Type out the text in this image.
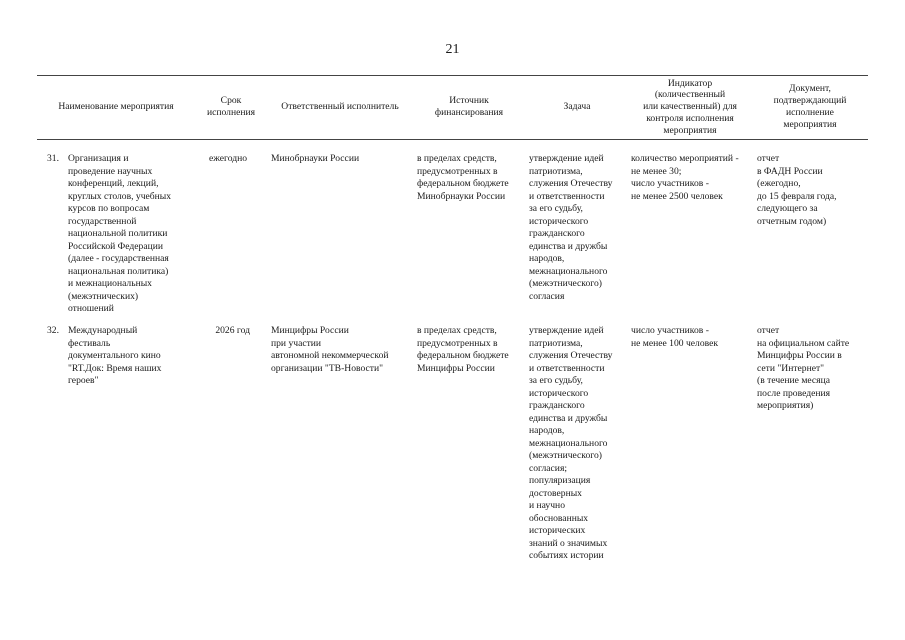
21
Наименование мероприятия
Срок
исполнения
Ответственный исполнитель
Источник
финансирования
Задача
Индикатор
(количественный
или качественный) для
контроля исполнения
мероприятия
Документ,
подтверждающий
исполнение
мероприятия
31. Организация и
проведение научных
конференций, лекций,
круглых столов, учебных
курсов по вопросам
государственной
национальной политики
Российской Федерации
(далее - государственная
национальная политика)
и межнациональных
(межэтнических)
отношений
ежегодно	Минобрнауки России	в пределах средств,
предусмотренных в
федеральном бюджете
Минобрнауки России
утверждение идей
патриотизма,
служения Отечеству
и ответственности
за его судьбу,
исторического
гражданского
единства и дружбы
народов,
межнационального
(межэтнического)
согласия
количество мероприятий -
не менее 30;
число участников -
не менее 2500 человек
отчет
в ФАДН России
(ежегодно,
до 15 февраля года,
следующего за
отчетным годом)
32. Международный
фестиваль
документального кино
"RT.Док: Время наших
героев"
2026 год Минцифры России
при участии
автономной некоммерческой
организации "ТВ-Новости"
в пределах средств,
предусмотренных в
федеральном бюджете
Минцифры России
утверждение идей
патриотизма,
служения Отечеству
и ответственности
за его судьбу,
исторического
гражданского
единства и дружбы
народов,
межнационального
(межэтнического)
согласия;
популяризация
достоверных
и научно
обоснованных
исторических
знаний о значимых
событиях истории
число участников -
не менее 100 человек
отчет
на официальном сайте
Минцифры России в
сети "Интернет"
(в течение месяца
после проведения
мероприятия)
